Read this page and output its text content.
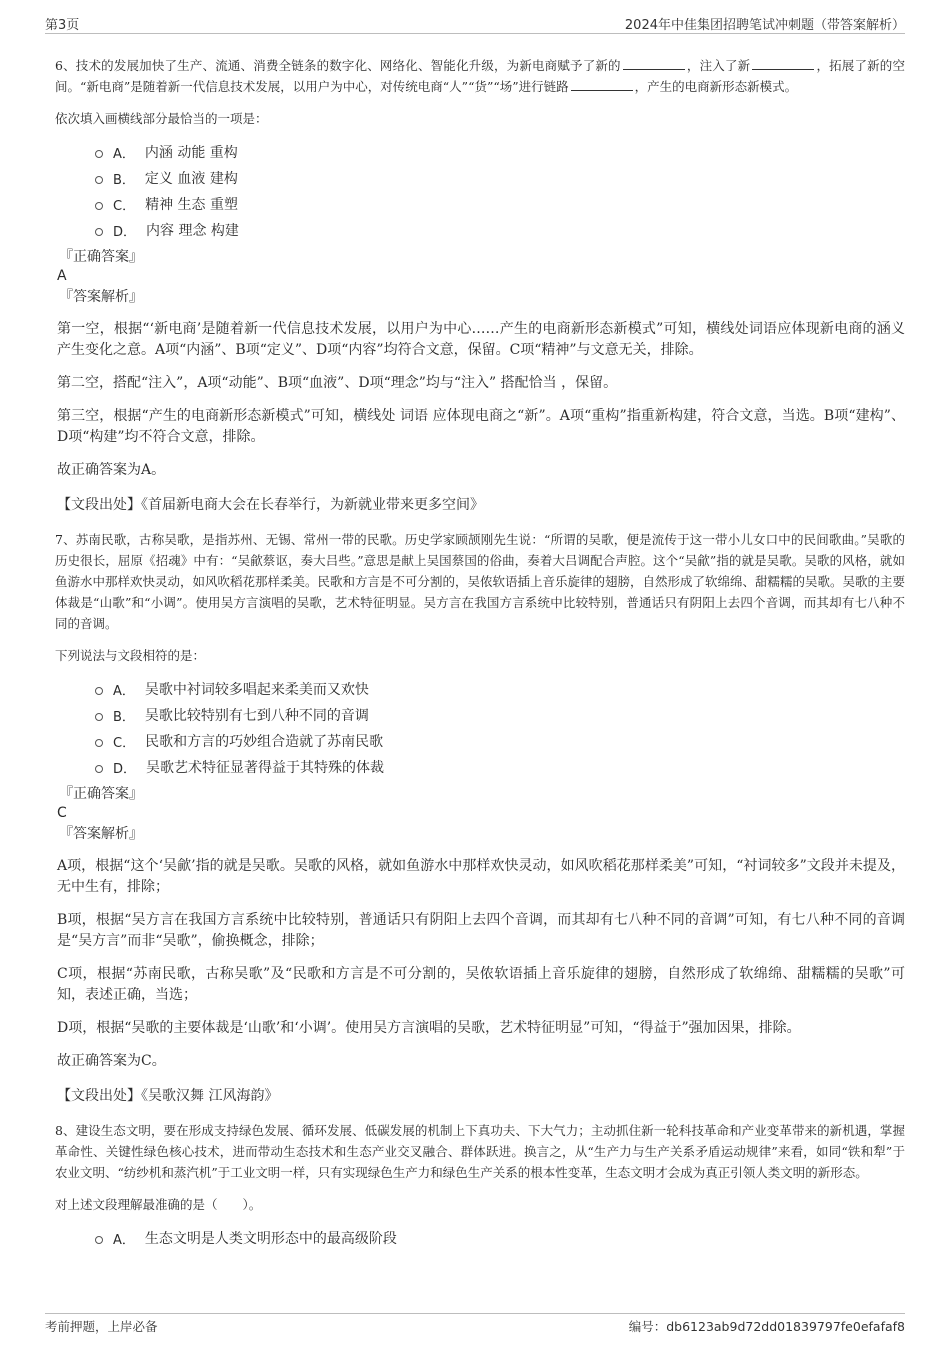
第3页	2024年中佳集团招聘笔试冲刺题（带答案解析）

6、技术的发展加快了生产、流通、消费全链条的数字化、网络化、智能化升级，为新电商赋予了新的	，注入了新	，拓展了新的空间。“新电商”是随着新一代信息技术发展，以用户为中心，对传统电商“人”“货”“场”进行链路	，产生的电商新形态新模式。

依次填入画横线部分最恰当的一项是：

A． 内涵 动能 重构
B． 定义 血液 建构
C． 精神 生态 重塑
D． 内容 理念 构建
『正确答案』
A
『答案解析』

第一空，根据“‘新电商’是随着新一代信息技术发展，以用户为中心……产生的电商新形态新模式”可知，横线处词语应体现新电商的涵义产生变化之意。A项“内涵”、B项“定义”、D项“内容”均符合文意，保留。C项“精神”与文意无关，排除。

第二空，搭配“注入”，A项“动能”、B项“血液”、D项“理念”均与“注入” 搭配恰当 ，保留。

第三空，根据“产生的电商新形态新模式”可知，横线处 词语 应体现电商之“新”。A项“重构”指重新构建，符合文意，当选。B项“建构”、D项“构建”均不符合文意，排除。

故正确答案为A。

【文段出处】《首届新电商大会在长春举行，为新就业带来更多空间》

7、苏南民歌，古称吴歌，是指苏州、无锡、常州一带的民歌。历史学家顾颉刚先生说：“所谓的吴歌，便是流传于这一带小儿女口中的民间歌曲。”吴歌的历史很长，屈原《招魂》中有：“吴歈蔡讴，奏大吕些。”意思是献上吴国蔡国的俗曲，奏着大吕调配合声腔。这个“吴歈”指的就是吴歌。吴歌的风格，就如鱼游水中那样欢快灵动，如风吹稻花那样柔美。民歌和方言是不可分割的，吴侬软语插上音乐旋律的翅膀，自然形成了软绵绵、甜糯糯的吴歌。吴歌的主要体裁是“山歌”和“小调”。使用吴方言演唱的吴歌，艺术特征明显。吴方言在我国方言系统中比较特别，普通话只有阴阳上去四个音调，而其却有七八种不同的音调。

下列说法与文段相符的是：

A． 吴歌中衬词较多唱起来柔美而又欢快
B． 吴歌比较特别有七到八种不同的音调
C． 民歌和方言的巧妙组合造就了苏南民歌
D． 吴歌艺术特征显著得益于其特殊的体裁
『正确答案』
C
『答案解析』

A项，根据“这个‘吴歈’指的就是吴歌。吴歌的风格，就如鱼游水中那样欢快灵动，如风吹稻花那样柔美”可知，“衬词较多”文段并未提及，无中生有，排除；

B项，根据“吴方言在我国方言系统中比较特别，普通话只有阴阳上去四个音调，而其却有七八种不同的音调”可知，有七八种不同的音调是“吴方言”而非“吴歌”，偷换概念，排除；

C项，根据“苏南民歌，古称吴歌”及“民歌和方言是不可分割的，吴侬软语插上音乐旋律的翅膀，自然形成了软绵绵、甜糯糯的吴歌”可知，表述正确，当选；

D项，根据“吴歌的主要体裁是‘山歌’和‘小调’。使用吴方言演唱的吴歌，艺术特征明显”可知，“得益于”强加因果，排除。

故正确答案为C。

【文段出处】《吴歌汉舞 江风海韵》

8、建设生态文明，要在形成支持绿色发展、循环发展、低碳发展的机制上下真功夫、下大气力；主动抓住新一轮科技革命和产业变革带来的新机遇，掌握革命性、关键性绿色核心技术，进而带动生态技术和生态产业交叉融合、群体跃进。换言之，从“生产力与生产关系矛盾运动规律”来看，如同“铁和犁”于农业文明、“纺纱机和蒸汽机”于工业文明一样，只有实现绿色生产力和绿色生产关系的根本性变革，生态文明才会成为真正引领人类文明的新形态。

对上述文段理解最准确的是（　　）。

A． 生态文明是人类文明形态中的最高级阶段
考前押题，上岸必备	编号：db6123ab9d72dd01839797fe0efafaf8
